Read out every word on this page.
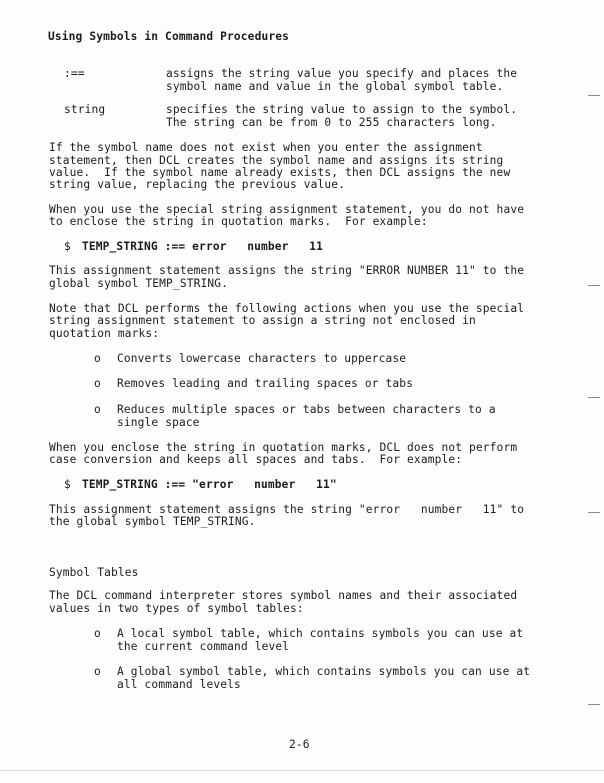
Using Symbols in Command Procedures
:==	assigns the string value you specify and places the
symbol name and value in the global symbol table.
string	specifies the string value to assign to the symbol.
The string can be from 0 to 255 characters long.
If the symbol name does not exist when you enter the assignment
statement, then DCL creates the symbol name and assigns its string
value.  If the symbol name already exists, then DCL assigns the new
string value, replacing the previous value.
When you use the special string assignment statement, you do not have
to enclose the string in quotation marks.  For example:
$ TEMP_STRING :== error   number   11
This assignment statement assigns the string "ERROR NUMBER 11" to the
global symbol TEMP_STRING.
Note that DCL performs the following actions when you use the special
string assignment statement to assign a string not enclosed in
quotation marks:
o Converts lowercase characters to uppercase
o Removes leading and trailing spaces or tabs
o Reduces multiple spaces or tabs between characters to a
single space
When you enclose the string in quotation marks, DCL does not perform
case conversion and keeps all spaces and tabs.  For example:
$ TEMP_STRING :== "error   number   11"
This assignment statement assigns the string "error   number   11" to
the global symbol TEMP_STRING.
Symbol Tables
The DCL command interpreter stores symbol names and their associated
values in two types of symbol tables:
o A local symbol table, which contains symbols you can use at
the current command level
o A global symbol table, which contains symbols you can use at
all command levels
2-6
